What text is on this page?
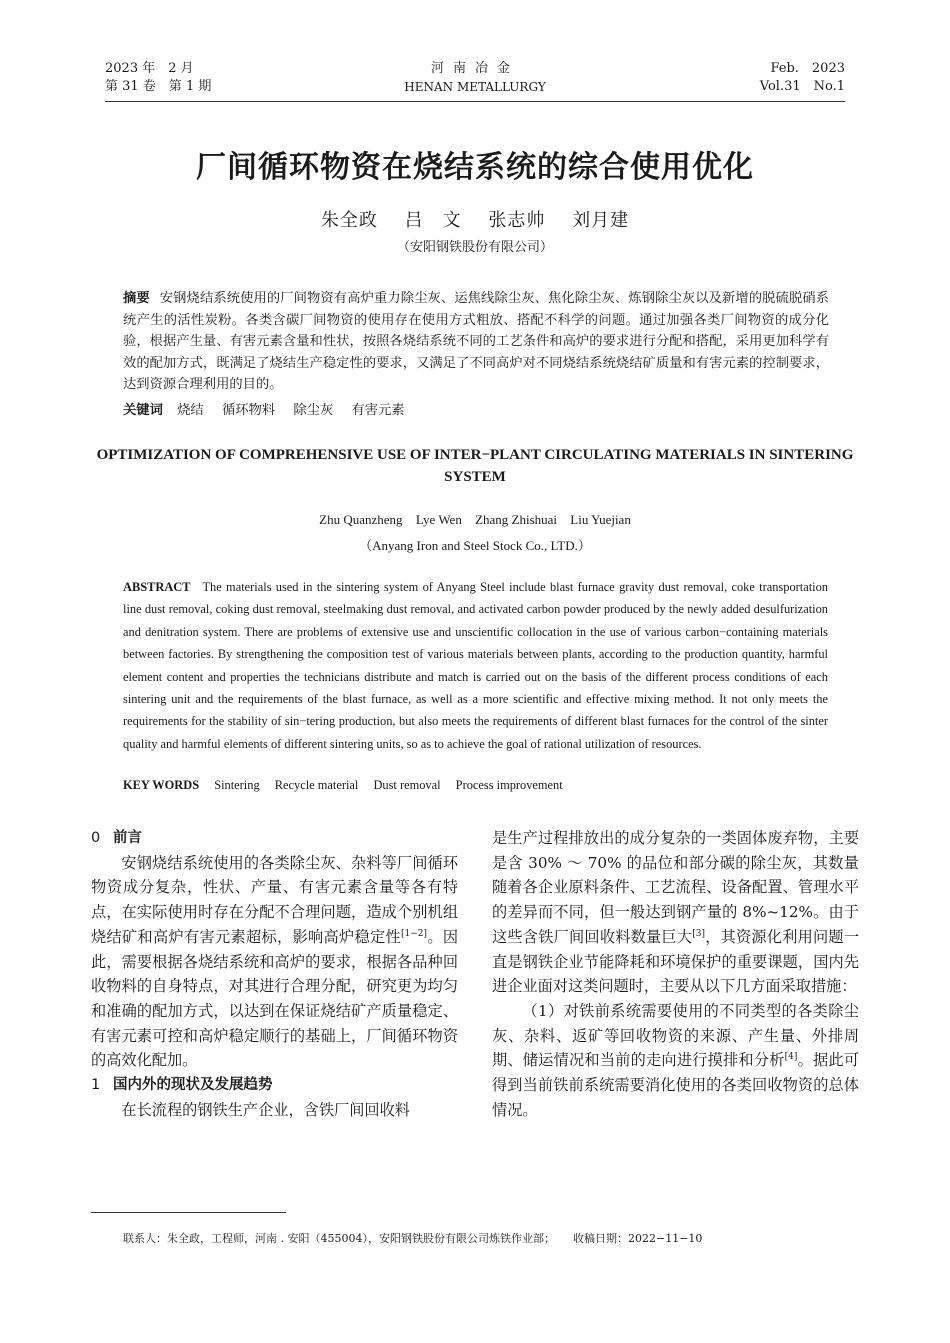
2023 年　2 月
第 31 卷　第 1 期
河南冶金
HENAN METALLURGY
Feb.　2023
Vol.31　No.1
厂间循环物资在烧结系统的综合使用优化
朱全政 吕　文 张志帅 刘月建
（安阳钢铁股份有限公司）
摘要 安钢烧结系统使用的厂间物资有高炉重力除尘灰、运焦线除尘灰、焦化除尘灰、炼钢除尘灰以及新增的脱硫脱硝系统产生的活性炭粉。各类含碳厂间物资的使用存在使用方式粗放、搭配不科学的问题。通过加强各类厂间物资的成分化验，根据产生量、有害元素含量和性状，按照各烧结系统不同的工艺条件和高炉的要求进行分配和搭配，采用更加科学有效的配加方式，既满足了烧结生产稳定性的要求，又满足了不同高炉对不同烧结系统烧结矿质量和有害元素的控制要求，达到资源合理利用的目的。
关键词 烧结 循环物料 除尘灰 有害元素
OPTIMIZATION OF COMPREHENSIVE USE OF INTER−PLANT CIRCULATING MATERIALS IN SINTERING SYSTEM
Zhu Quanzheng Lye Wen Zhang Zhishuai Liu Yuejian
（Anyang Iron and Steel Stock Co., LTD.）
ABSTRACT The materials used in the sintering system of Anyang Steel include blast furnace gravity dust removal, coke transportation line dust removal, coking dust removal, steelmaking dust removal, and activated carbon powder produced by the newly added desulfurization and denitration system. There are problems of extensive use and unscientific collocation in the use of various carbon−containing materials between factories. By strengthening the composition test of various materials between plants, according to the production quantity, harmful element content and properties the technicians distribute and match is carried out on the basis of the different process conditions of each sintering unit and the requirements of the blast furnace, as well as a more scientific and effective mixing method. It not only meets the requirements for the stability of sin−tering production, but also meets the requirements of different blast furnaces for the control of the sinter quality and harmful elements of different sintering units, so as to achieve the goal of rational utilization of resources.
KEY WORDS Sintering Recycle material Dust removal Process improvement
0 前言

安钢烧结系统使用的各类除尘灰、杂料等厂间循环物资成分复杂，性状、产量、有害元素含量等各有特点，在实际使用时存在分配不合理问题，造成个别机组烧结矿和高炉有害元素超标，影响高炉稳定性[1−2]。因此，需要根据各烧结系统和高炉的要求，根据各品种回收物料的自身特点，对其进行合理分配，研究更为均匀和准确的配加方式，以达到在保证烧结矿产质量稳定、有害元素可控和高炉稳定顺行的基础上，厂间循环物资的高效化配加。

1 国内外的现状及发展趋势

在长流程的钢铁生产企业，含铁厂间回收料

是生产过程排放出的成分复杂的一类固体废弃物，主要是含 30% ～ 70% 的品位和部分碳的除尘灰，其数量随着各企业原料条件、工艺流程、设备配置、管理水平的差异而不同，但一般达到钢产量的 8%~12%。由于这些含铁厂间回收料数量巨大[3]，其资源化利用问题一直是钢铁企业节能降耗和环境保护的重要课题，国内先进企业面对这类问题时，主要从以下几方面采取措施：

（1）对铁前系统需要使用的不同类型的各类除尘灰、杂料、返矿等回收物资的来源、产生量、外排周期、储运情况和当前的走向进行摸排和分析[4]。据此可得到当前铁前系统需要消化使用的各类回收物资的总体情况。

联系人：朱全政，工程师，河南 . 安阳（455004），安阳钢铁股份有限公司炼铁作业部； 收稿日期：2022−11−10
